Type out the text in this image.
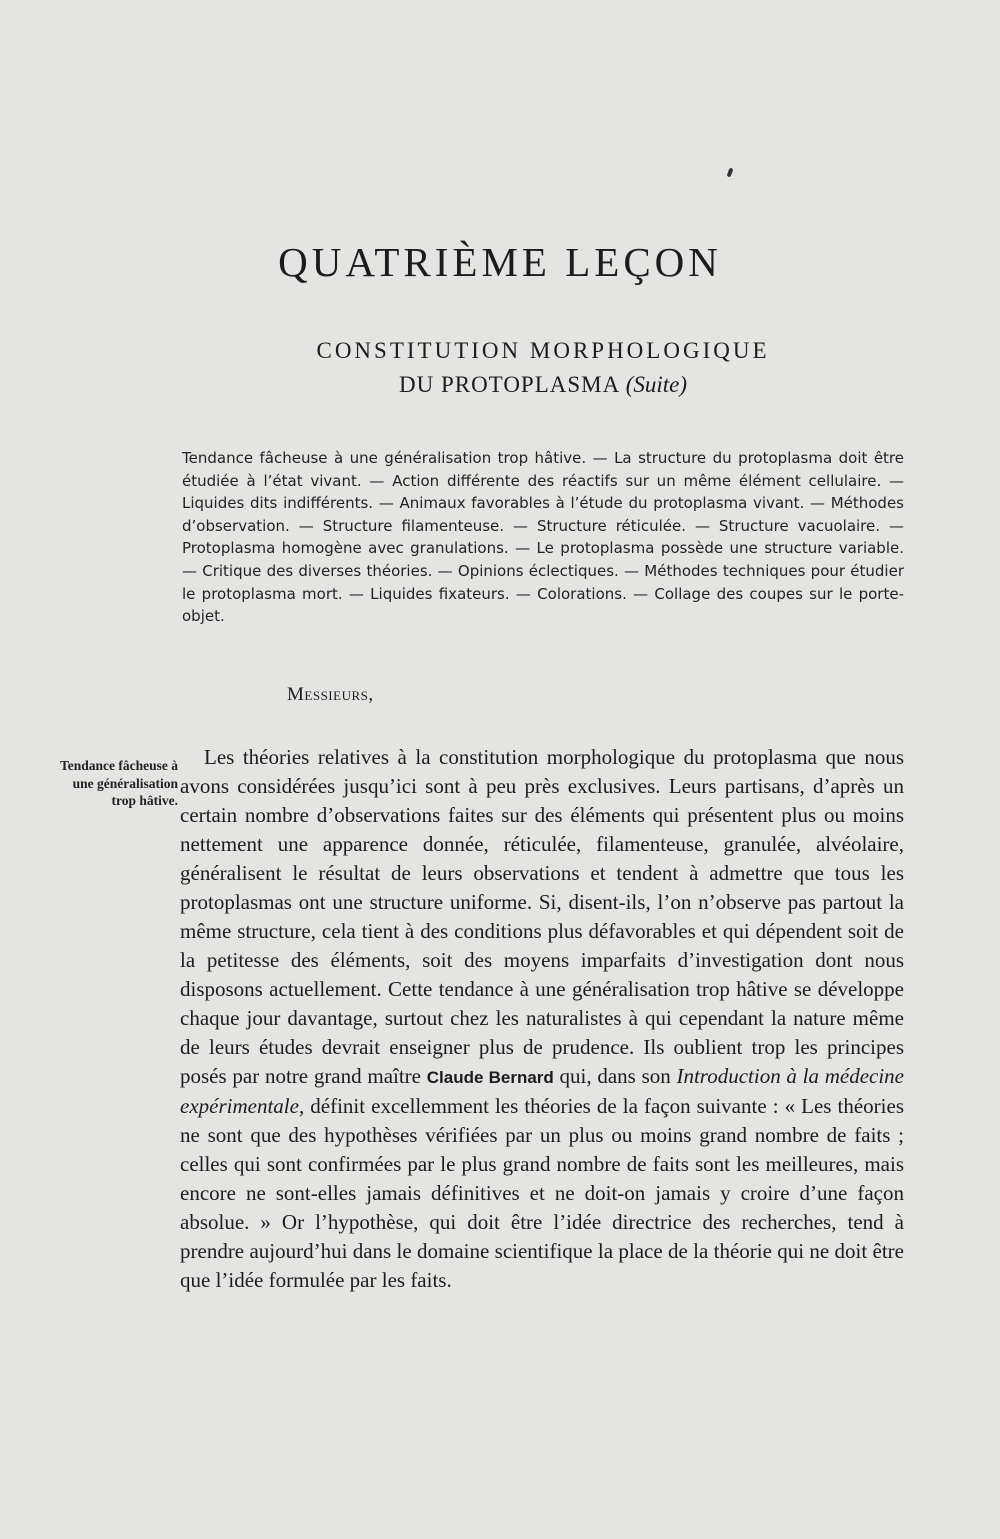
QUATRIÈME LEÇON
CONSTITUTION MORPHOLOGIQUE
DU PROTOPLASMA (Suite)
Tendance fâcheuse à une généralisation trop hâtive. — La structure du protoplasma doit être étudiée à l’état vivant. — Action différente des réactifs sur un même élément cellulaire. — Liquides dits indifférents. — Animaux favorables à l’étude du protoplasma vivant. — Méthodes d’observation. — Structure filamenteuse. — Structure réticulée. — Structure vacuolaire. — Protoplasma homogène avec granulations. — Le protoplasma possède une structure variable. — Critique des diverses théories. — Opinions éclectiques. — Méthodes techniques pour étudier le protoplasma mort. — Liquides fixateurs. — Colorations. — Collage des coupes sur le porte-objet.
Messieurs,
Tendance fâcheuse à une généralisation trop hâtive.
Les théories relatives à la constitution morphologique du protoplasma que nous avons considérées jusqu’ici sont à peu près exclusives. Leurs partisans, d’après un certain nombre d’observations faites sur des éléments qui présentent plus ou moins nettement une apparence donnée, réticulée, filamenteuse, granulée, alvéolaire, généralisent le résultat de leurs observations et tendent à admettre que tous les protoplasmas ont une structure uniforme. Si, disent-ils, l’on n’observe pas partout la même structure, cela tient à des conditions plus défavorables et qui dépendent soit de la petitesse des éléments, soit des moyens imparfaits d’investigation dont nous disposons actuellement. Cette tendance à une généralisation trop hâtive se développe chaque jour davantage, surtout chez les naturalistes à qui cependant la nature même de leurs études devrait enseigner plus de prudence. Ils oublient trop les principes posés par notre grand maître Claude Bernard qui, dans son Introduction à la médecine expérimentale, définit excellemment les théories de la façon suivante : « Les théories ne sont que des hypothèses vérifiées par un plus ou moins grand nombre de faits ; celles qui sont confirmées par le plus grand nombre de faits sont les meilleures, mais encore ne sont-elles jamais définitives et ne doit-on jamais y croire d’une façon absolue. » Or l’hypothèse, qui doit être l’idée directrice des recherches, tend à prendre aujourd’hui dans le domaine scientifique la place de la théorie qui ne doit être que l’idée formulée par les faits.
